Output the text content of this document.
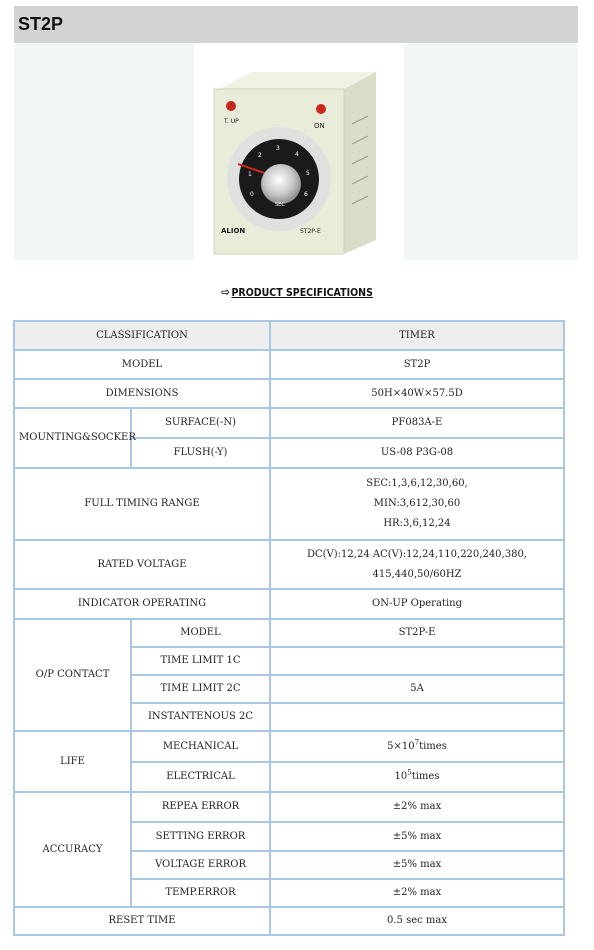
ST2P
T. UP
ON
0
1
2
3
4
5
6
SEC
ALION	ST2P-E
⇨ PRODUCT SPECIFICATIONS
CLASSIFICATION		TIMER
MODEL		ST2P
DIMENSIONS		50H×40W×57.5D
MOUNTING&SOCKER	SURFACE(-N)	PF083A-E
	FLUSH(-Y)	US-08 P3G-08
FULL TIMING RANGE		SEC:1,3,6,12,30,60,
MIN:3,612,30,60
HR:3,6,12,24

RATED VOLTAGE		DC(V):12,24 AC(V):12,24,110,220,240,380,
415,440,50/60HZ

INDICATOR OPERATING		ON-UP Operating
O/P CONTACT	MODEL	ST2P-E
	TIME LIMIT 1C	
	TIME LIMIT 2C	5A
	INSTANTENOUS 2C	
LIFE	MECHANICAL	$5\times 10^7times$
	ELECTRICAL	$10^5times$
ACCURACY	REPEA ERROR	±2% max
	SETTING ERROR	±5% max
	VOLTAGE ERROR	±5% max
	TEMP.ERROR	±2% max
RESET TIME		0.5 sec max
